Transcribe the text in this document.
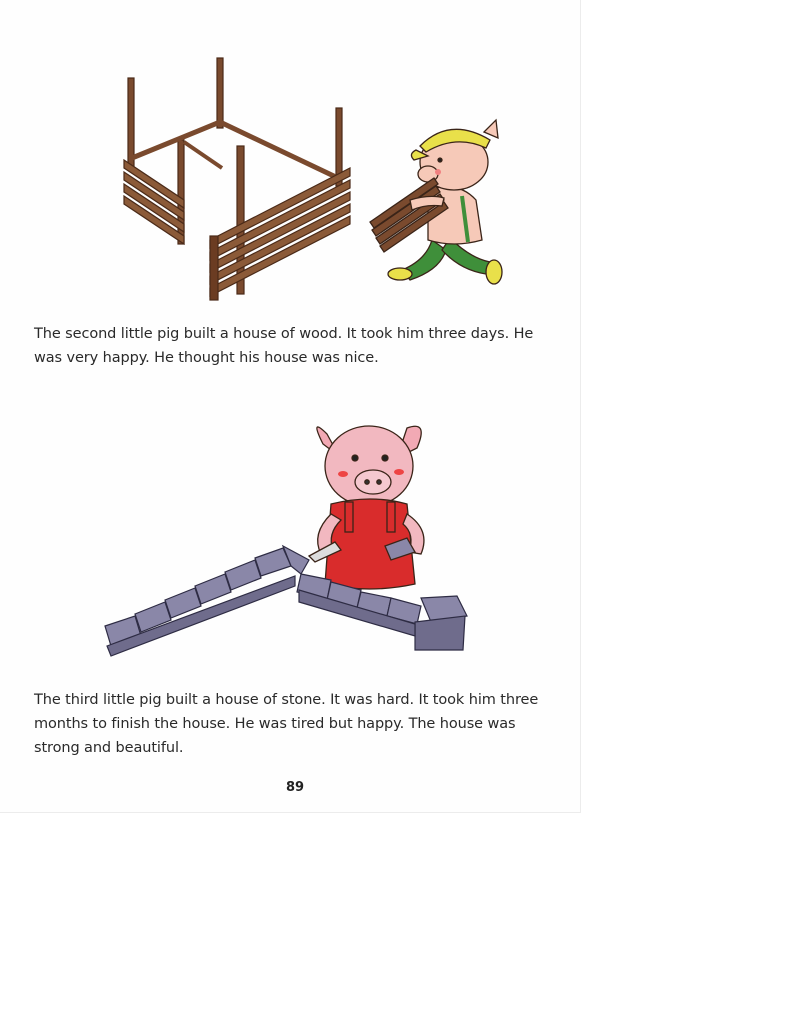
The second little pig built a house of wood. It took him three days. He was very happy. He thought his house was nice.

The third little pig built a house of stone. It was hard. It took him three months to finish the house. He was tired but happy. The house was strong and beautiful.

89
